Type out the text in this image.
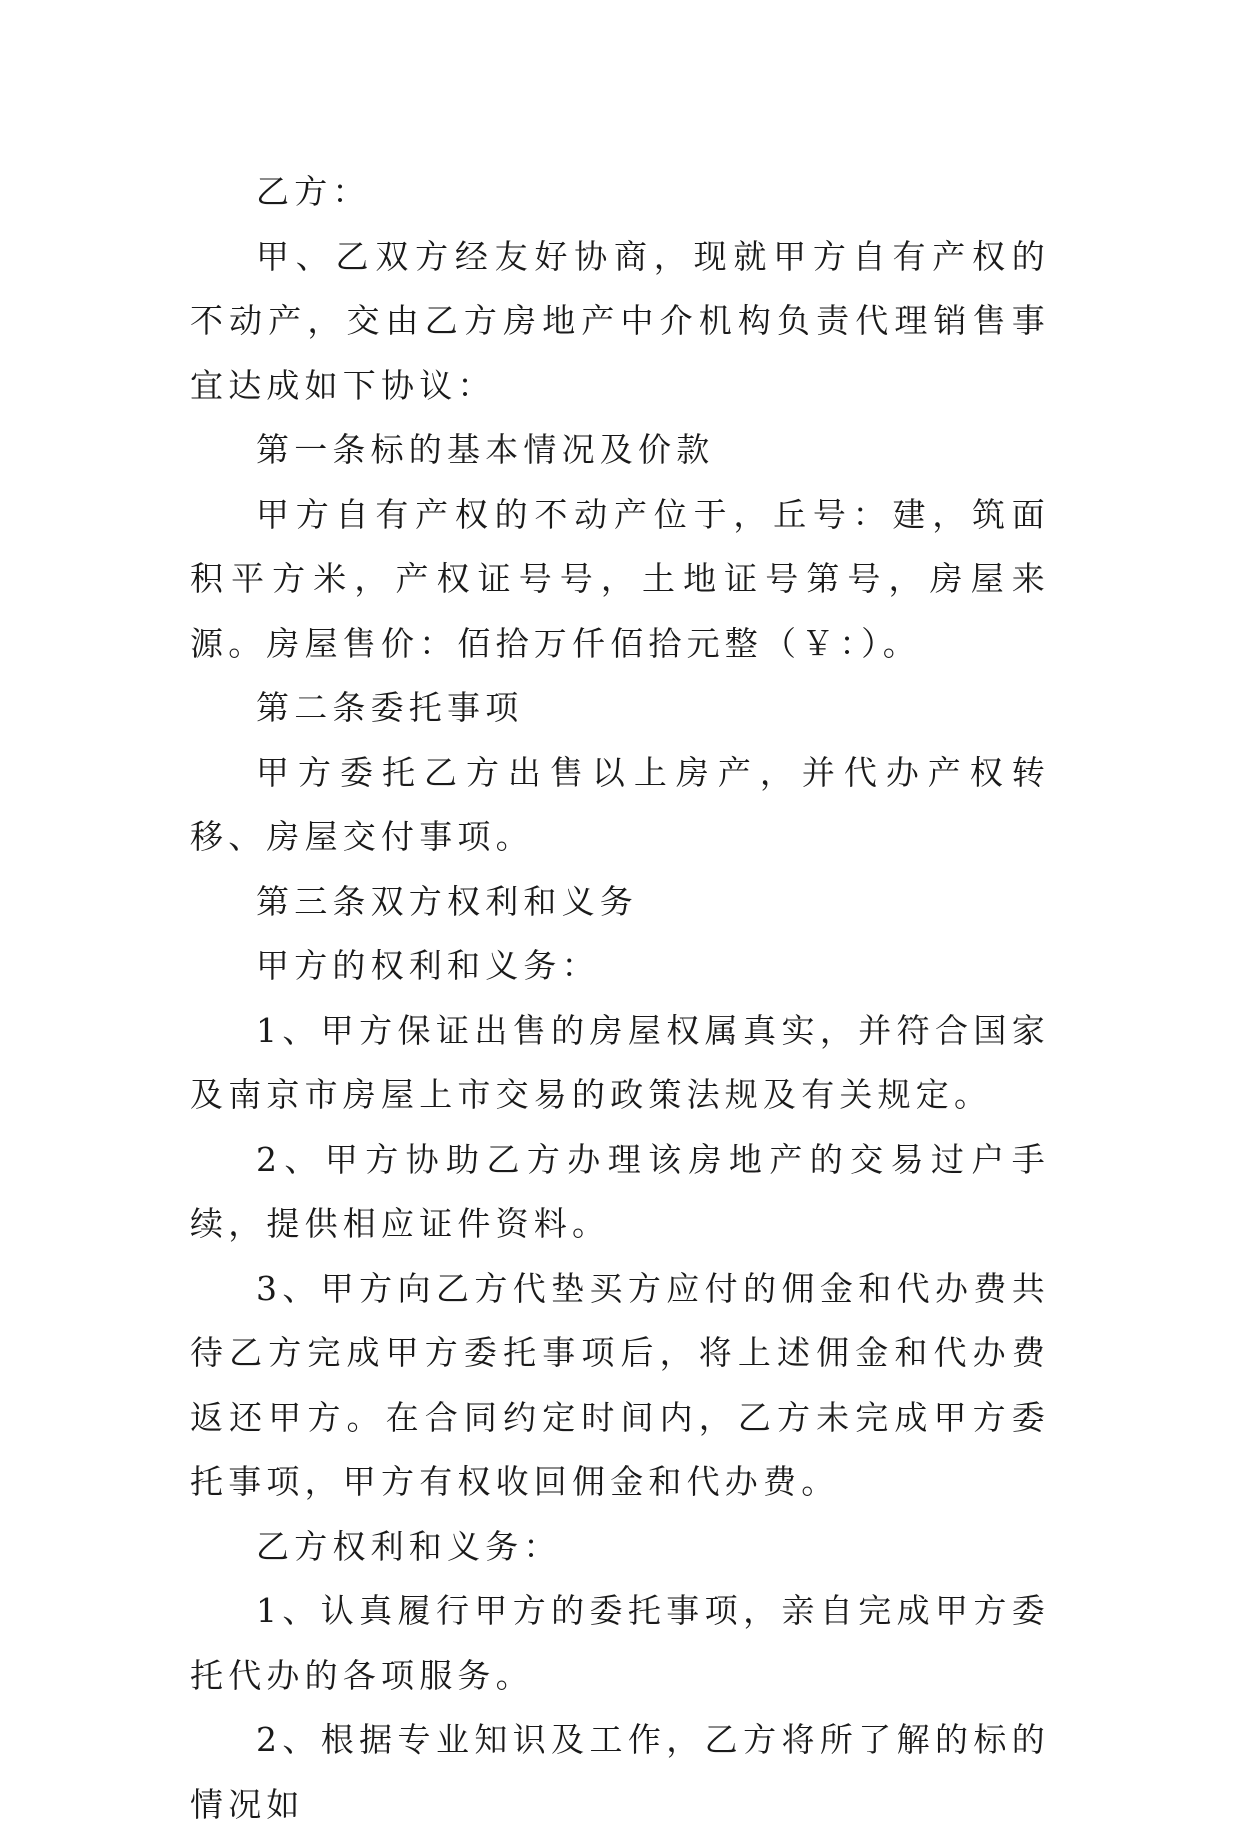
乙方：

甲、乙双方经友好协商，现就甲方自有产权的不动产，交由乙方房地产中介机构负责代理销售事宜达成如下协议：

第一条标的基本情况及价款

甲方自有产权的不动产位于，丘号：建，筑面积平方米，产权证号号，土地证号第号，房屋来源。房屋售价：佰拾万仟佰拾元整（￥：）。

第二条委托事项

甲方委托乙方出售以上房产，并代办产权转移、房屋交付事项。

第三条双方权利和义务

甲方的权利和义务：

1、甲方保证出售的房屋权属真实，并符合国家及南京市房屋上市交易的政策法规及有关规定。

2、甲方协助乙方办理该房地产的交易过户手续，提供相应证件资料。

3、甲方向乙方代垫买方应付的佣金和代办费共待乙方完成甲方委托事项后，将上述佣金和代办费返还甲方。在合同约定时间内，乙方未完成甲方委托事项，甲方有权收回佣金和代办费。

乙方权利和义务：

1、认真履行甲方的委托事项，亲自完成甲方委托代办的各项服务。

2、根据专业知识及工作，乙方将所了解的标的情况如
